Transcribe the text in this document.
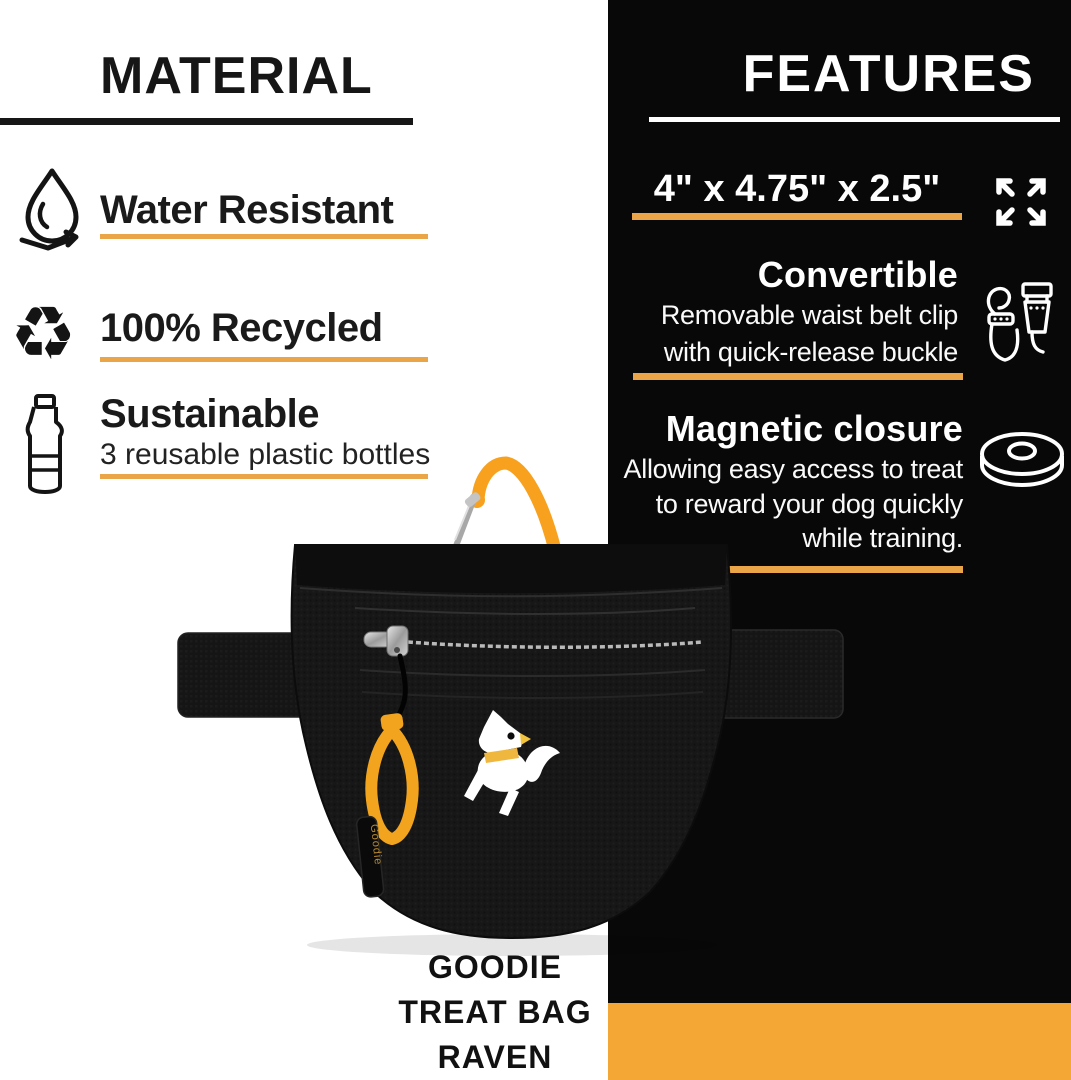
MATERIAL
Water Resistant
♻ 100% Recycled
Sustainable
3 reusable plastic bottles
FEATURES
4" x 4.75" x 2.5"
Convertible
Removable waist belt clip
with quick-release buckle
Magnetic closure
Allowing easy access to treat
to reward your dog quickly
while training.
Goodie
GOODIE
TREAT BAG
RAVEN
